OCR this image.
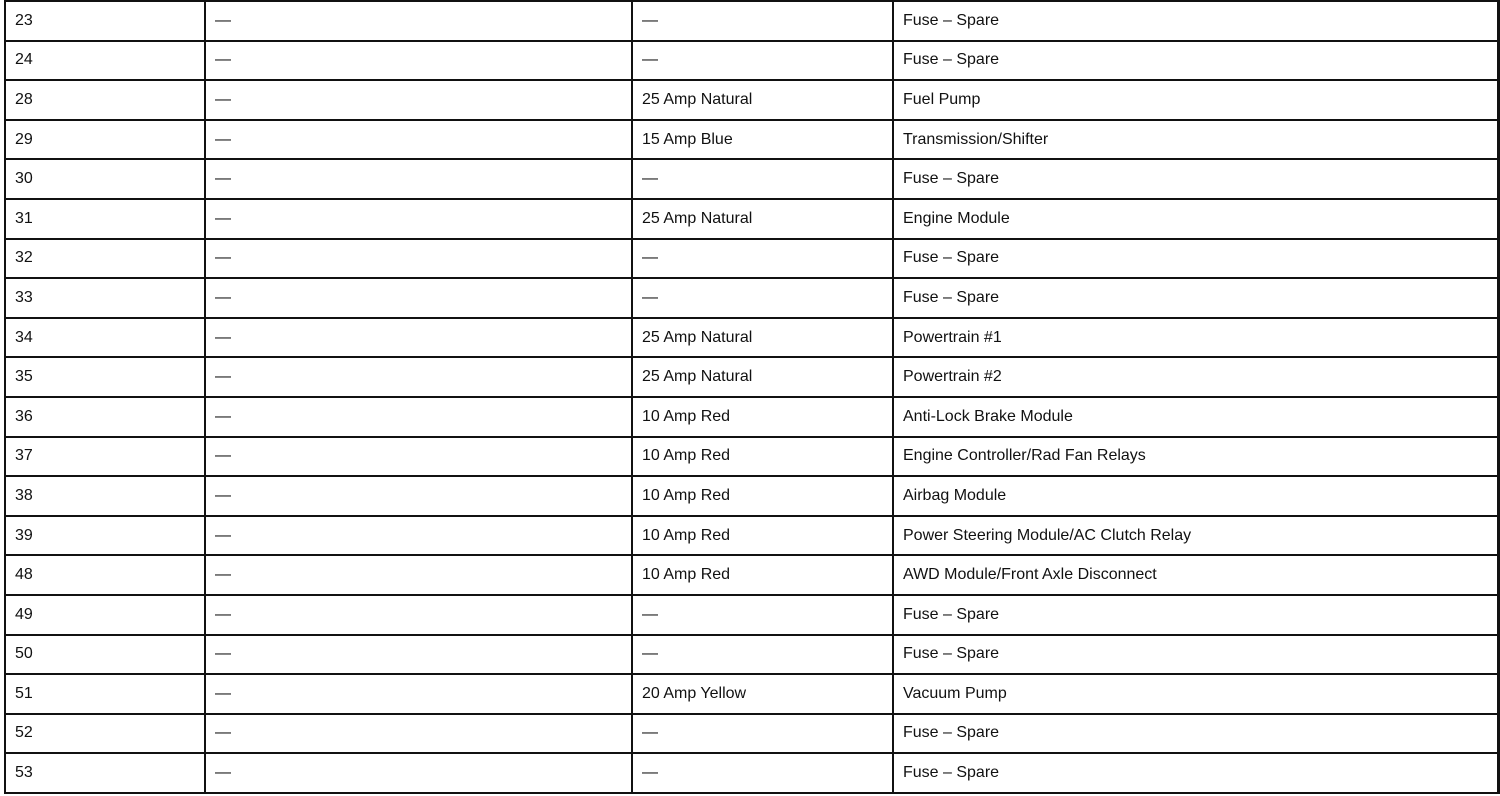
23	—	—	Fuse – Spare
24	—	—	Fuse – Spare
28	—	25 Amp Natural	Fuel Pump
29	—	15 Amp Blue	Transmission/Shifter
30	—	—	Fuse – Spare
31	—	25 Amp Natural	Engine Module
32	—	—	Fuse – Spare
33	—	—	Fuse – Spare
34	—	25 Amp Natural	Powertrain #1
35	—	25 Amp Natural	Powertrain #2
36	—	10 Amp Red	Anti-Lock Brake Module
37	—	10 Amp Red	Engine Controller/Rad Fan Relays
38	—	10 Amp Red	Airbag Module
39	—	10 Amp Red	Power Steering Module/AC Clutch Relay
48	—	10 Amp Red	AWD Module/Front Axle Disconnect
49	—	—	Fuse – Spare
50	—	—	Fuse – Spare
51	—	20 Amp Yellow	Vacuum Pump
52	—	—	Fuse – Spare
53	—	—	Fuse – Spare
